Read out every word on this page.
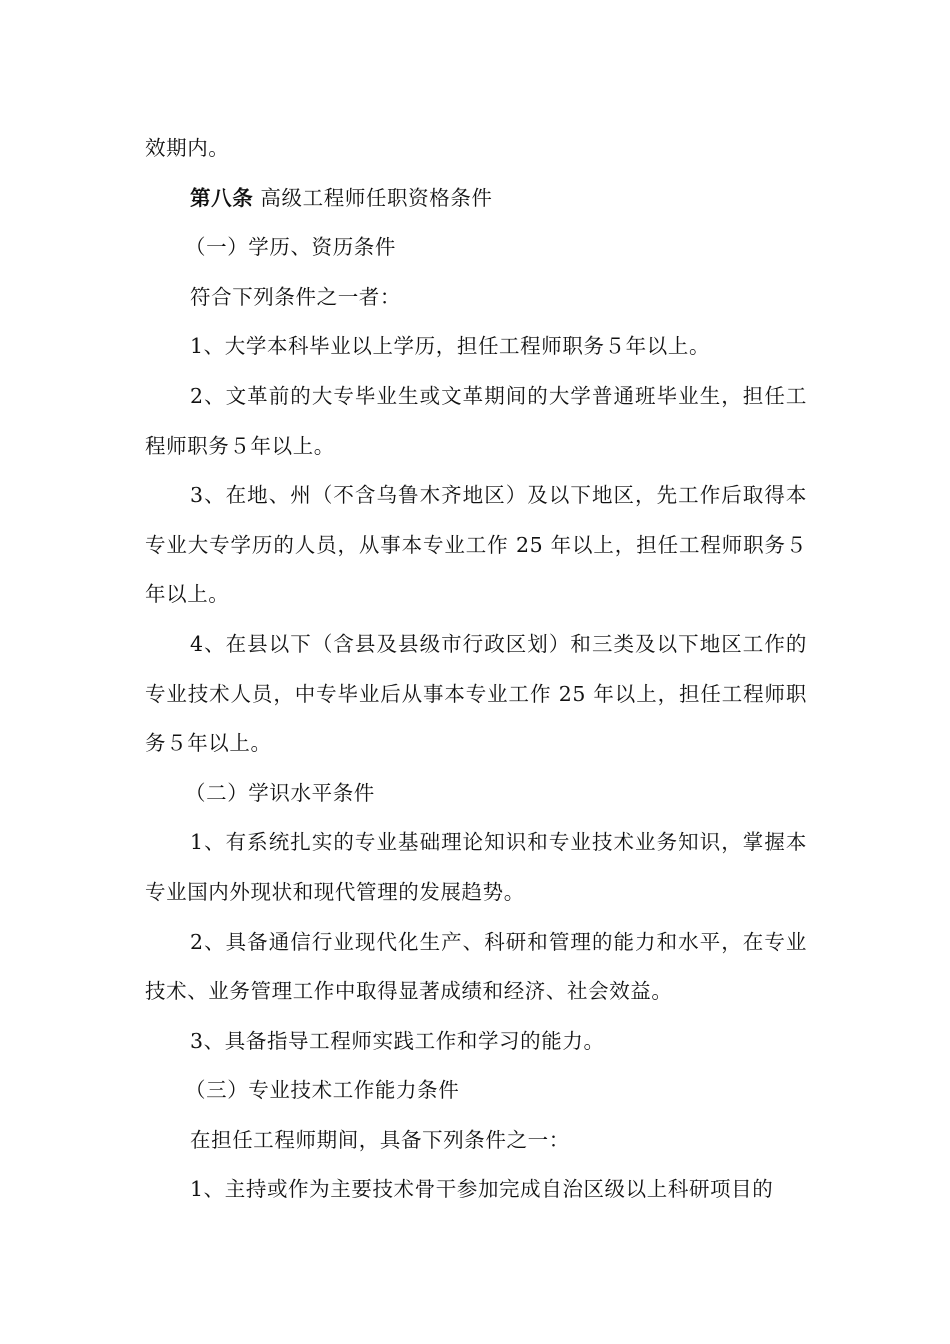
效期内。

第八条 高级工程师任职资格条件

（一）学历、资历条件

符合下列条件之一者：

1、大学本科毕业以上学历，担任工程师职务５年以上。

2、文革前的大专毕业生或文革期间的大学普通班毕业生，担任工程师职务５年以上。

3、在地、州（不含乌鲁木齐地区）及以下地区，先工作后取得本专业大专学历的人员，从事本专业工作 25 年以上，担任工程师职务５年以上。

4、在县以下（含县及县级市行政区划）和三类及以下地区工作的专业技术人员，中专毕业后从事本专业工作 25 年以上，担任工程师职务５年以上。

（二）学识水平条件

1、有系统扎实的专业基础理论知识和专业技术业务知识，掌握本专业国内外现状和现代管理的发展趋势。

2、具备通信行业现代化生产、科研和管理的能力和水平，在专业技术、业务管理工作中取得显著成绩和经济、社会效益。

3、具备指导工程师实践工作和学习的能力。

（三）专业技术工作能力条件

在担任工程师期间，具备下列条件之一：

1、主持或作为主要技术骨干参加完成自治区级以上科研项目的
